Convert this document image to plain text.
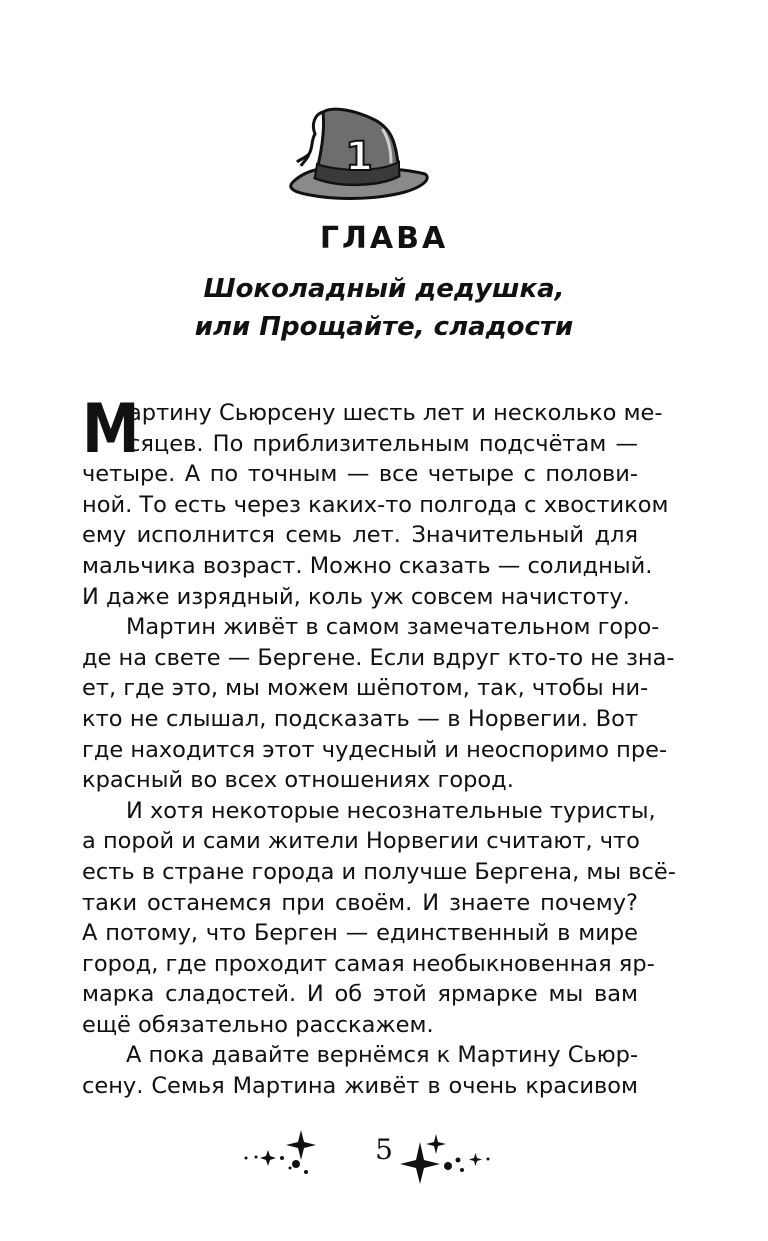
1
ГЛАВА
Шоколадный дедушка,
или Прощайте, сладости
М
артину Сьюрсену шесть лет и несколько ме-
сяцев. По приблизительным подсчётам —
четыре. А по точным — все четыре с полови-
ной. То есть через каких-то полгода с хвостиком
ему исполнится семь лет. Значительный для
мальчика возраст. Можно сказать — солидный.
И даже изрядный, коль уж совсем начистоту.
Мартин живёт в самом замечательном горо-
де на свете — Бергене. Если вдруг кто-то не зна-
ет, где это, мы можем шёпотом, так, чтобы ни-
кто не слышал, подсказать — в Норвегии. Вот
где находится этот чудесный и неоспоримо пре-
красный во всех отношениях город.
И хотя некоторые несознательные туристы,
а порой и сами жители Норвегии считают, что
есть в стране города и получше Бергена, мы всё-
таки останемся при своём. И знаете почему?
А потому, что Берген — единственный в мире
город, где проходит самая необыкновенная яр-
марка сладостей. И об этой ярмарке мы вам
ещё обязательно расскажем.
А пока давайте вернёмся к Мартину Сьюр-
сену. Семья Мартина живёт в очень красивом
5
